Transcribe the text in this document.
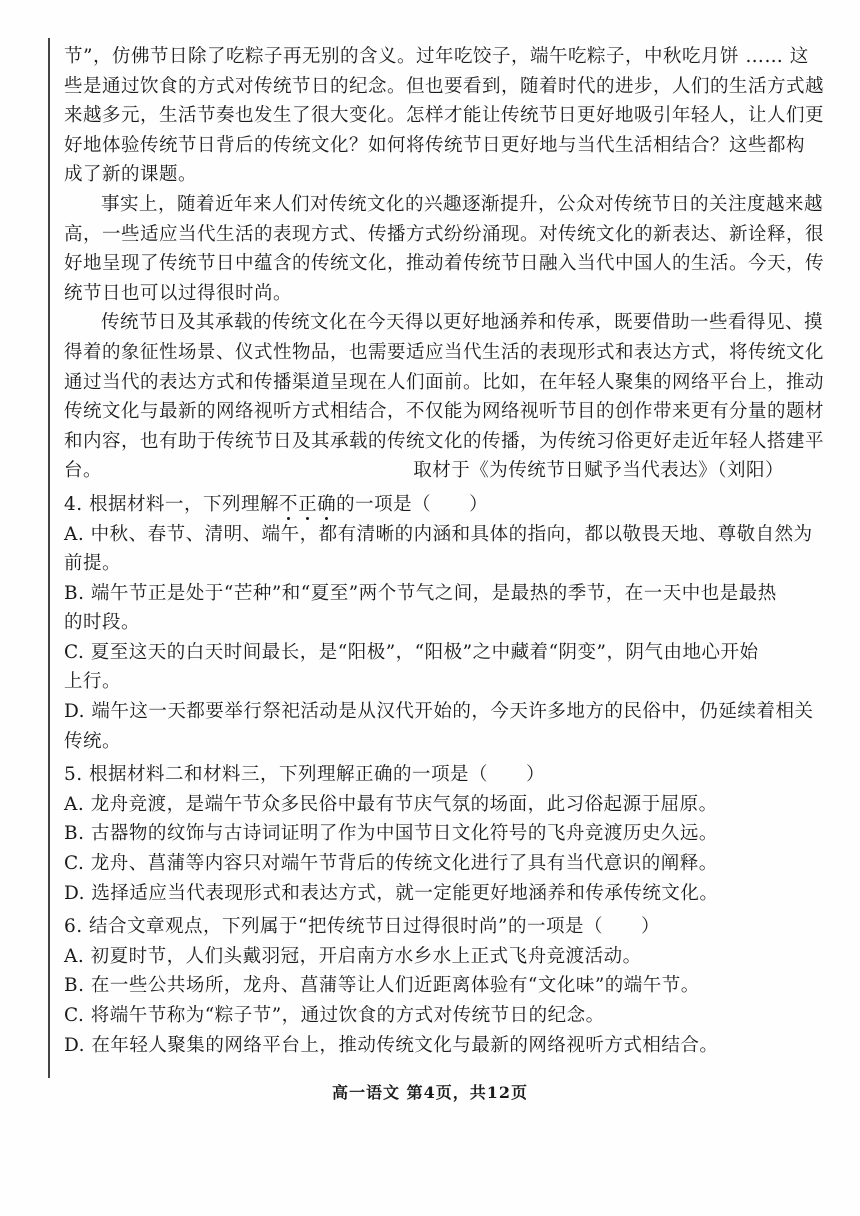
节”，仿佛节日除了吃粽子再无别的含义。过年吃饺子，端午吃粽子，中秋吃月饼 …… 这
些是通过饮食的方式对传统节日的纪念。但也要看到，随着时代的进步，人们的生活方式越
来越多元，生活节奏也发生了很大变化。怎样才能让传统节日更好地吸引年轻人，让人们更
好地体验传统节日背后的传统文化？如何将传统节日更好地与当代生活相结合？这些都构
成了新的课题。

事实上，随着近年来人们对传统文化的兴趣逐渐提升，公众对传统节日的关注度越来越
高，一些适应当代生活的表现方式、传播方式纷纷涌现。对传统文化的新表达、新诠释，很
好地呈现了传统节日中蕴含的传统文化，推动着传统节日融入当代中国人的生活。今天，传
统节日也可以过得很时尚。

传统节日及其承载的传统文化在今天得以更好地涵养和传承，既要借助一些看得见、摸
得着的象征性场景、仪式性物品，也需要适应当代生活的表现形式和表达方式，将传统文化
通过当代的表达方式和传播渠道呈现在人们面前。比如，在年轻人聚集的网络平台上，推动
传统文化与最新的网络视听方式相结合，不仅能为网络视听节目的创作带来更有分量的题材
和内容，也有助于传统节日及其承载的传统文化的传播，为传统习俗更好走近年轻人搭建平
台。	取材于《为传统节日赋予当代表达》（刘阳）

4. 根据材料一，下列理解不正确的一项是（　　）
A. 中秋、春节、清明、端午，都有清晰的内涵和具体的指向，都以敬畏天地、尊敬自然为
前提。
B. 端午节正是处于“芒种”和“夏至”两个节气之间，是最热的季节，在一天中也是最热
的时段。
C. 夏至这天的白天时间最长，是“阳极”，“阳极”之中藏着“阴变”，阴气由地心开始
上行。
D. 端午这一天都要举行祭祀活动是从汉代开始的，今天许多地方的民俗中，仍延续着相关
传统。
5. 根据材料二和材料三，下列理解正确的一项是（　　）
A. 龙舟竞渡，是端午节众多民俗中最有节庆气氛的场面，此习俗起源于屈原。
B. 古器物的纹饰与古诗词证明了作为中国节日文化符号的飞舟竞渡历史久远。
C. 龙舟、菖蒲等内容只对端午节背后的传统文化进行了具有当代意识的阐释。
D. 选择适应当代表现形式和表达方式，就一定能更好地涵养和传承传统文化。
6. 结合文章观点，下列属于“把传统节日过得很时尚”的一项是（　　）
A. 初夏时节，人们头戴羽冠，开启南方水乡水上正式飞舟竞渡活动。
B. 在一些公共场所，龙舟、菖蒲等让人们近距离体验有“文化味”的端午节。
C. 将端午节称为“粽子节”，通过饮食的方式对传统节日的纪念。
D. 在年轻人聚集的网络平台上，推动传统文化与最新的网络视听方式相结合。
高一语文 第4页，共12页
